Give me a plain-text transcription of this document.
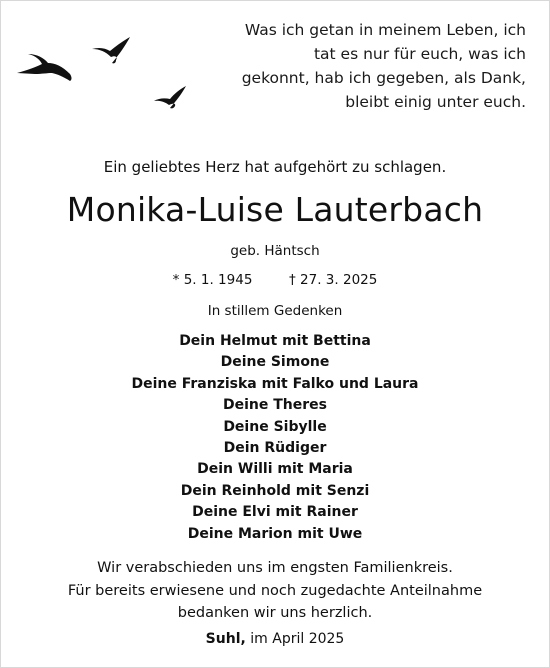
Was ich getan in meinem Leben, ich
tat es nur für euch, was ich
gekonnt, hab ich gegeben, als Dank,
bleibt einig unter euch.
Ein geliebtes Herz hat aufgehört zu schlagen.
Monika-Luise Lauterbach
geb. Häntsch
* 5. 1. 1945	† 27. 3. 2025
In stillem Gedenken
Dein Helmut mit Bettina
Deine Simone
Deine Franziska mit Falko und Laura
Deine Theres
Deine Sibylle
Dein Rüdiger
Dein Willi mit Maria
Dein Reinhold mit Senzi
Deine Elvi mit Rainer
Deine Marion mit Uwe
Wir verabschieden uns im engsten Familienkreis.
Für bereits erwiesene und noch zugedachte Anteilnahme
bedanken wir uns herzlich.
Suhl, im April 2025
